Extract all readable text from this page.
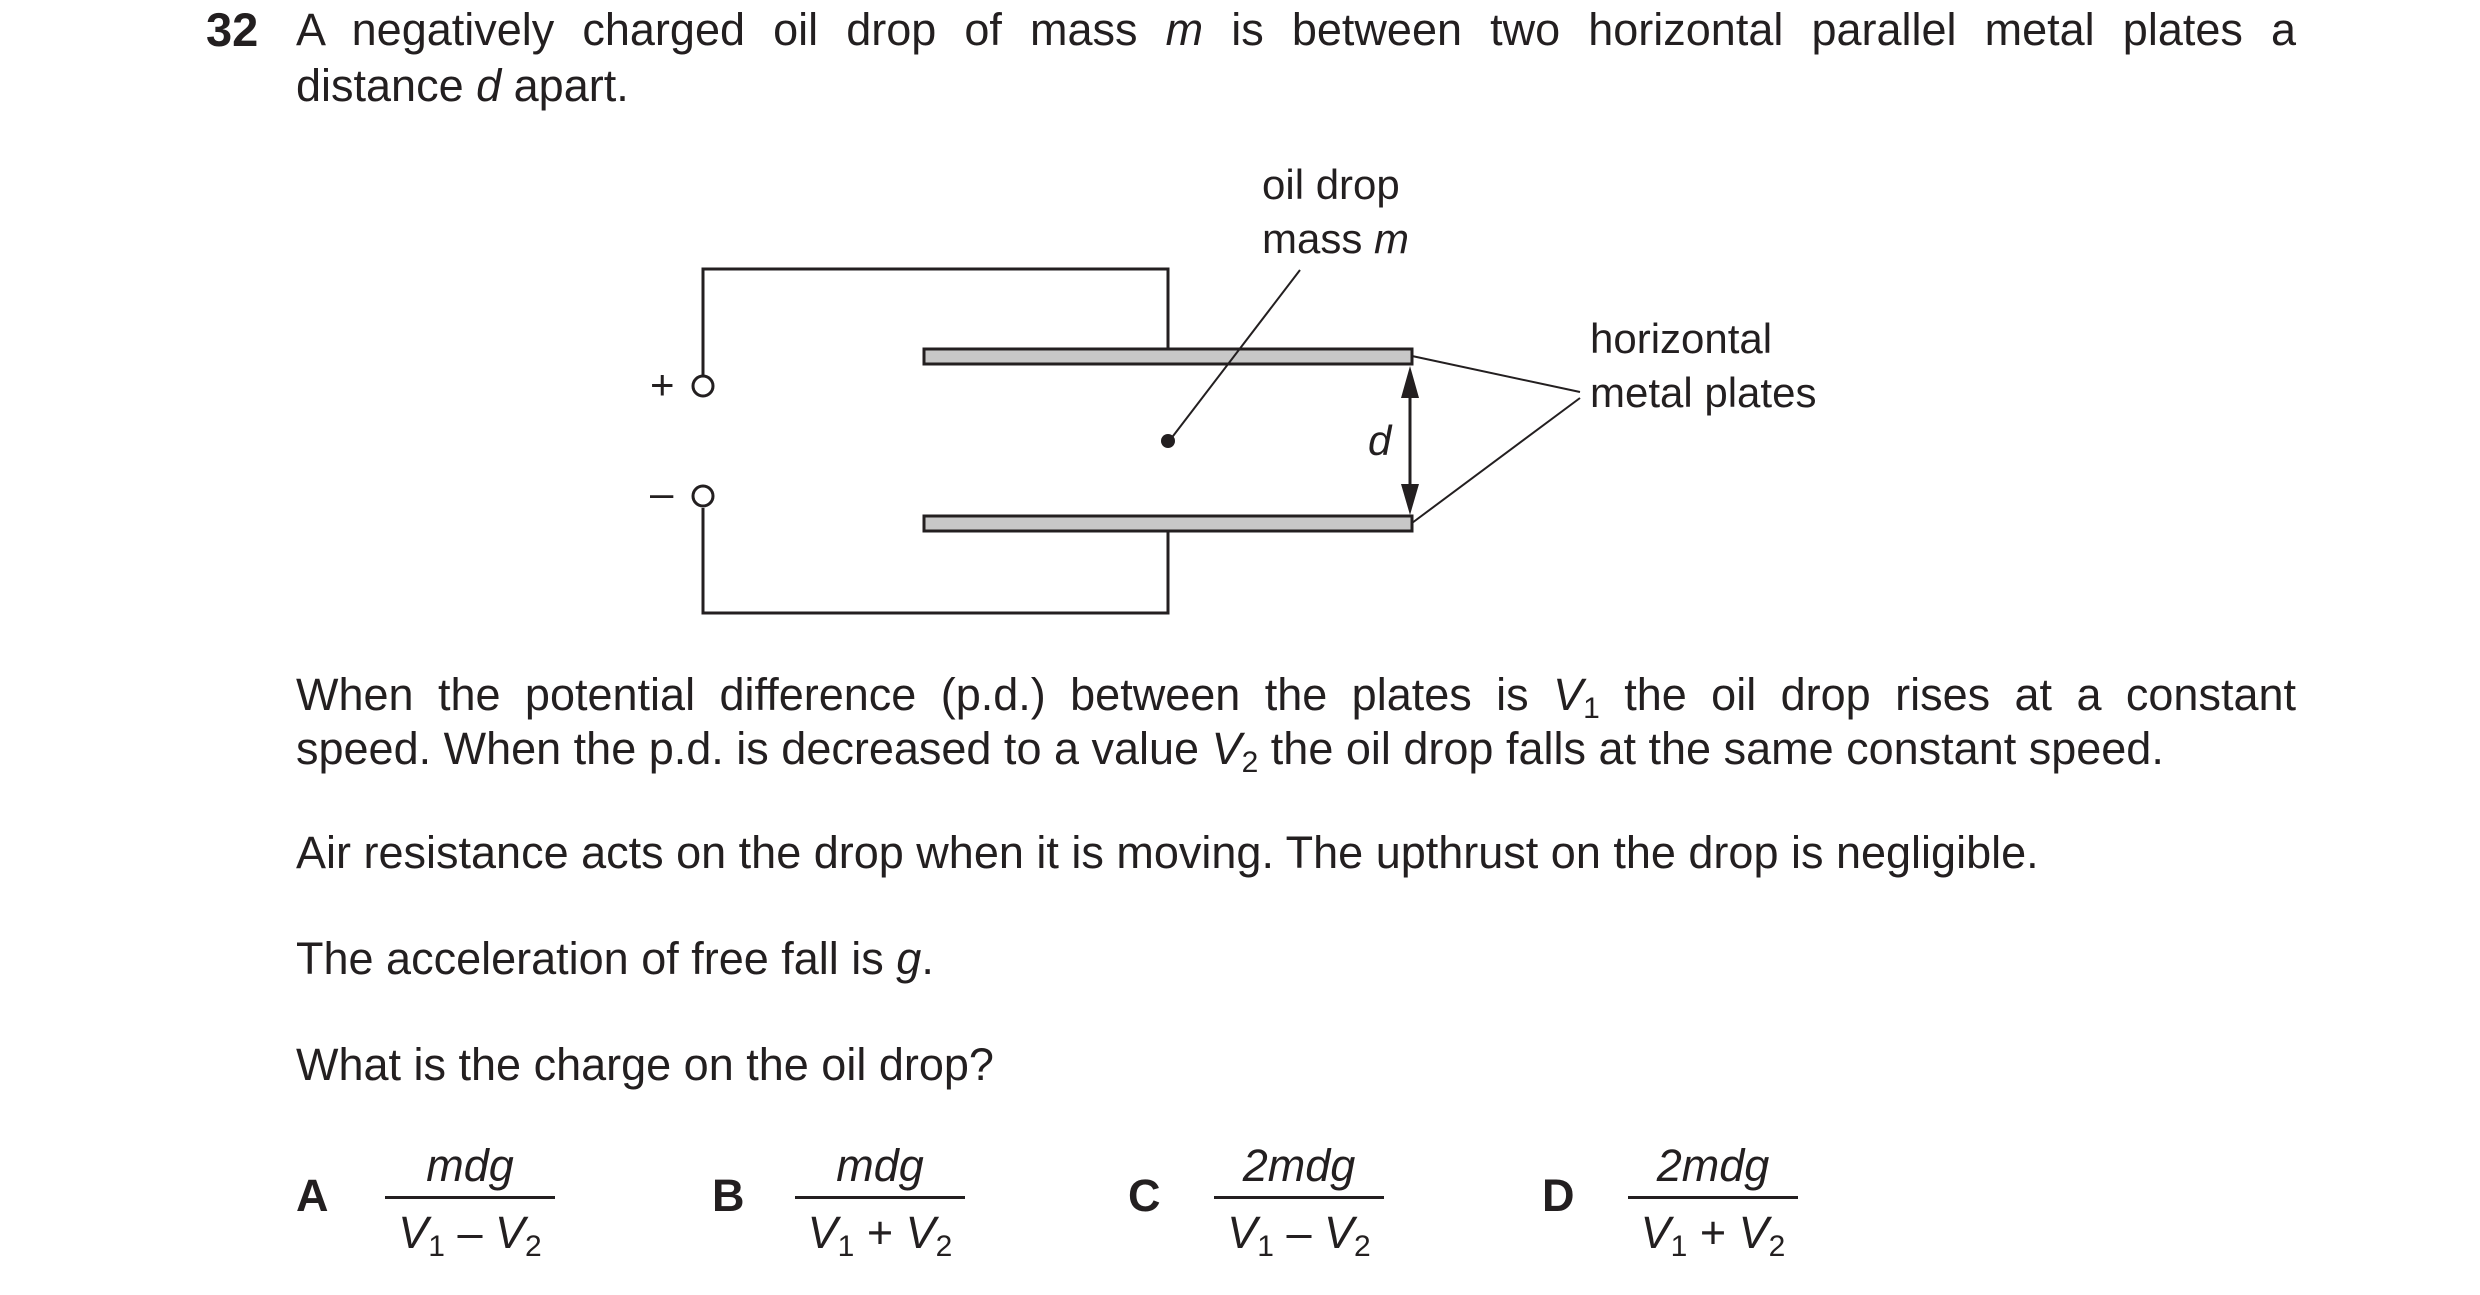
32 A negatively charged oil drop of mass m is between two horizontal parallel metal plates a
distance d apart.
oil drop
mass m
horizontal
metal plates
d
+
–
When the potential difference (p.d.) between the plates is $V_1$ the oil drop rises at a constant
speed. When the p.d. is decreased to a value $V_2$ the oil drop falls at the same constant speed.
Air resistance acts on the drop when it is moving. The upthrust on the drop is negligible.
The acceleration of free fall is g.
What is the charge on the oil drop?
A
mdg
$V_1 - V_2$
B
mdg
$V_1 + V_2$
C
2mdg
$V_1 - V_2$
D
2mdg
$V_1 + V_2$
